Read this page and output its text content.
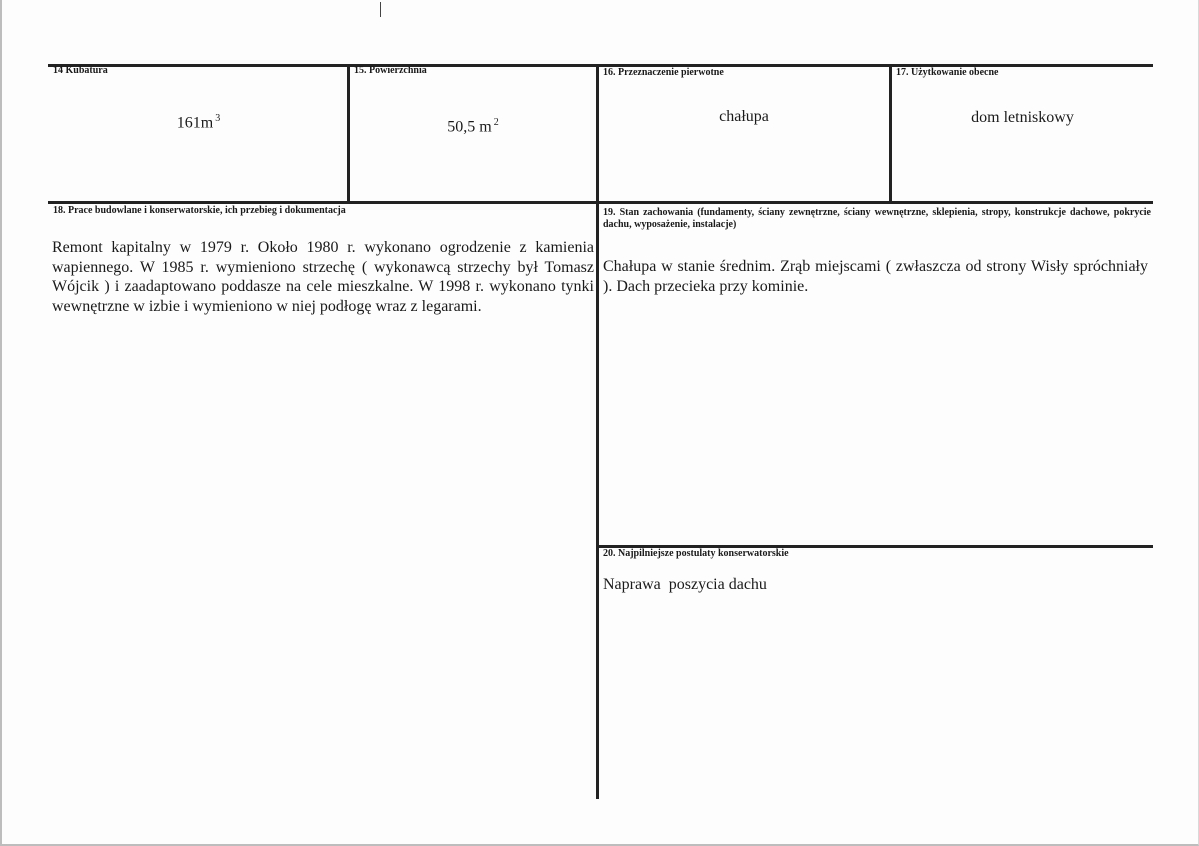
14 Kubatura
161m $^3$
15. Powierzchnia
50,5 m $^2$
16. Przeznaczenie pierwotne
chałupa
17. Użytkowanie obecne
dom letniskowy
18. Prace budowlane i konserwatorskie, ich przebieg i dokumentacja
Remont kapitalny w 1979 r. Około 1980 r. wykonano ogrodzenie z kamienia wapiennego. W 1985 r. wymieniono strzechę ( wykonawcą strzechy był Tomasz Wójcik ) i zaadaptowano poddasze na cele mieszkalne. W 1998 r. wykonano tynki wewnętrzne w izbie i wymieniono w niej podłogę wraz z legarami.
19. Stan zachowania (fundamenty, ściany zewnętrzne, ściany wewnętrzne, sklepienia, stropy, konstrukcje dachowe, pokrycie dachu, wyposażenie, instalacje)
Chałupa w stanie średnim. Zrąb miejscami ( zwłaszcza od strony Wisły spróchniały ). Dach przecieka przy kominie.
20. Najpilniejsze postulaty konserwatorskie
Naprawa  poszycia dachu
